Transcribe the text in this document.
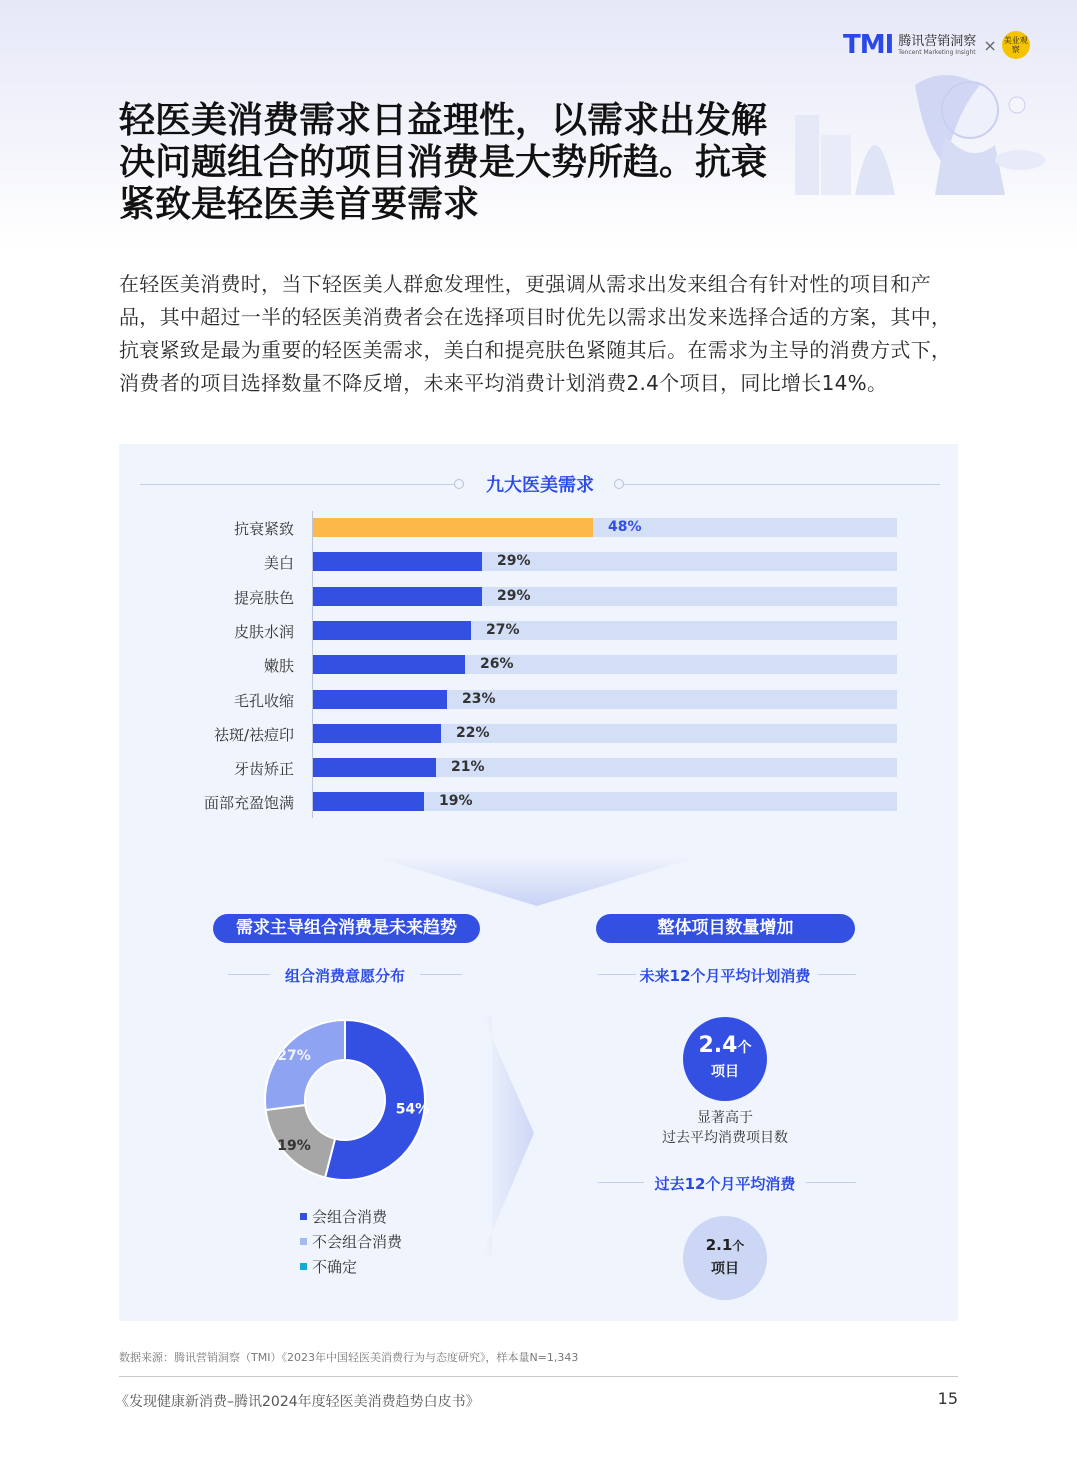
TMI 腾讯营销洞察
Tencent Marketing Insight × 美业观察
轻医美消费需求日益理性，以需求出发解决问题组合的项目消费是大势所趋。抗衰紧致是轻医美首要需求

在轻医美消费时，当下轻医美人群愈发理性，更强调从需求出发来组合有针对性的项目和产品，其中超过一半的轻医美消费者会在选择项目时优先以需求出发来选择合适的方案，其中，抗衰紧致是最为重要的轻医美需求，美白和提亮肤色紧随其后。在需求为主导的消费方式下，消费者的项目选择数量不降反增，未来平均消费计划消费2.4个项目，同比增长14%。

九大医美需求
抗衰紧致	48%
美白	29%
提亮肤色	29%
皮肤水润	27%
嫩肤	26%
毛孔收缩	23%
祛斑/祛痘印	22%
牙齿矫正	21%
面部充盈饱满	19%
需求主导组合消费是未来趋势
组合消费意愿分布
54%
19%
27%
会组合消费
不会组合消费
不确定
整体项目数量增加
未来12个月平均计划消费
2.4个
项目
显著高于
过去平均消费项目数
过去12个月平均消费
2.1个
项目
数据来源：腾讯营销洞察（TMI）《2023年中国轻医美消费行为与态度研究》，样本量N=1,343
《发现健康新消费–腾讯2024年度轻医美消费趋势白皮书》	15
